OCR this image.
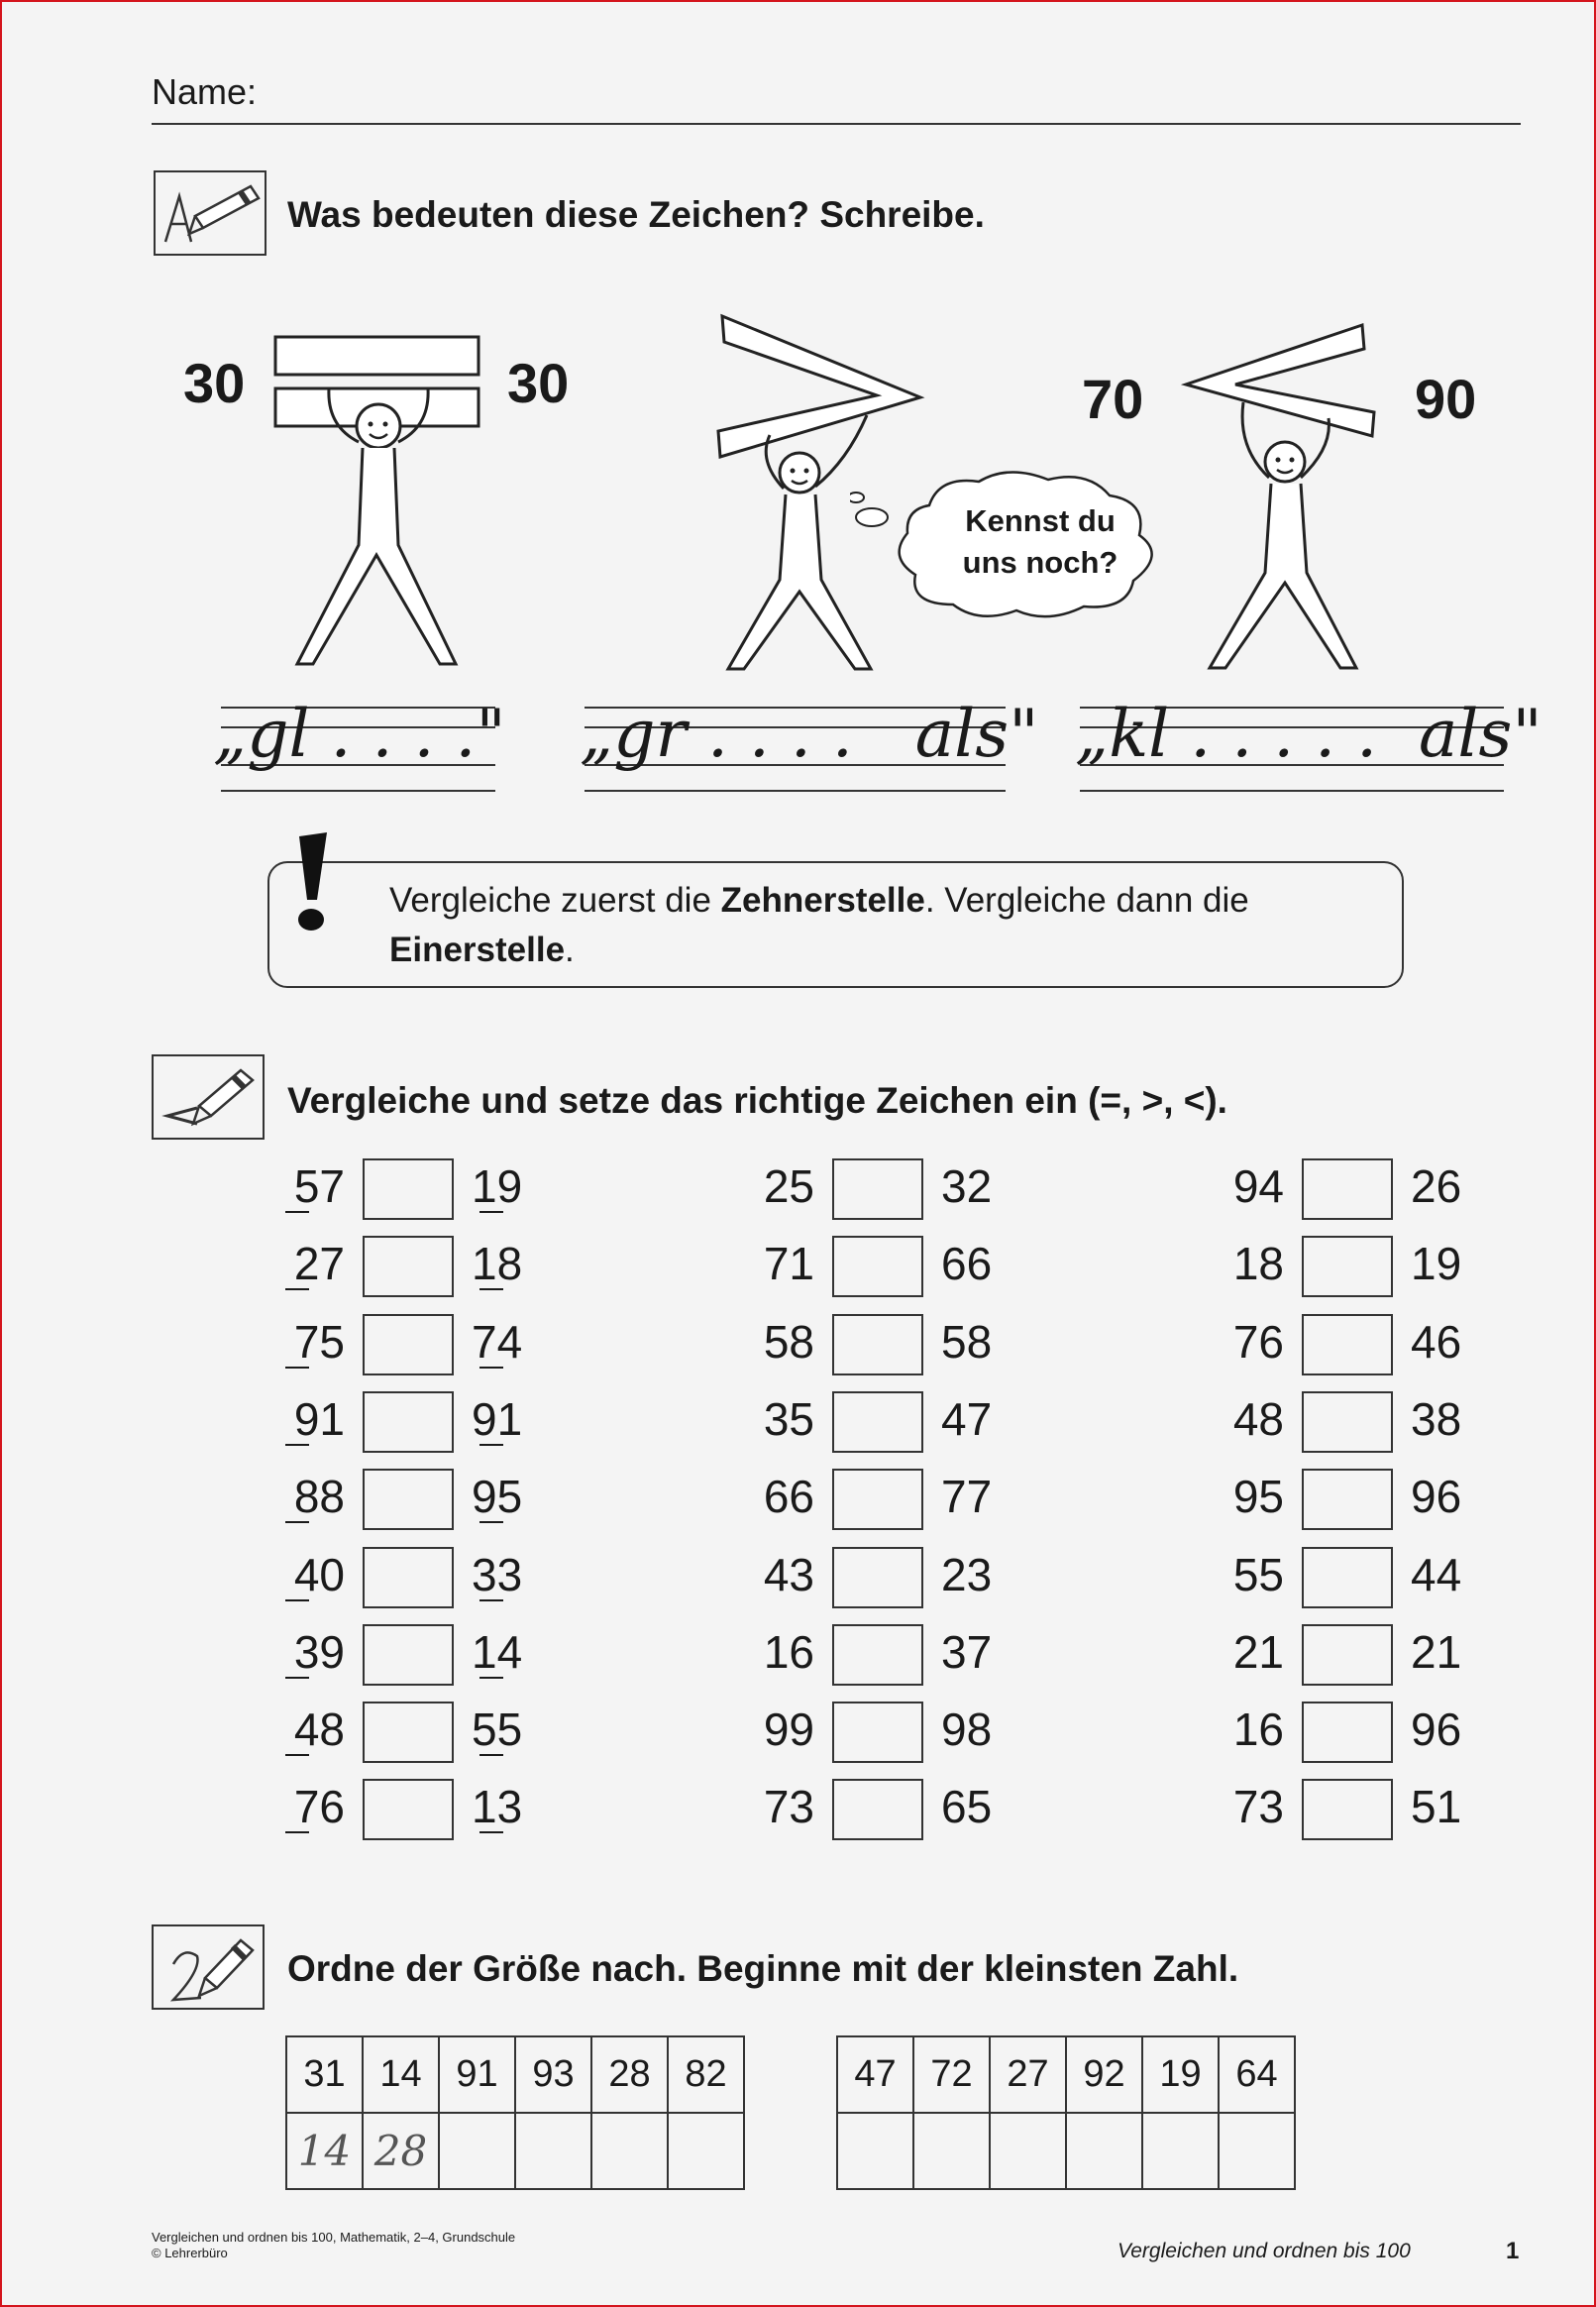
Name:
Was bedeuten diese Zeichen? Schreibe.
30	30
Kennst du
uns noch?
70	90
„gl . . . ." „gr . . . .   als" „kl . . . . .  als"
Vergleiche zuerst die Zehnerstelle. Vergleiche dann die Einerstelle.
Vergleiche und setze das richtige Zeichen ein (=, >, <).
57	19
27	18
75	74
91	91
88	95
40	33
39	14
48	55
76	13
25	32
71	66
58	58
35	47
66	77
43	23
16	37
99	98
73	65
94	26
18	19
76	46
48	38
95	96
55	44
21	21
16	96
73	51
Ordne der Größe nach. Beginne mit der kleinsten Zahl.
31	14	91	93	28	82
14	28				
47	72	27	92	19	64

Vergleichen und ordnen bis 100, Mathematik, 2–4, Grundschule
© Lehrerbüro	Vergleichen und ordnen bis 100	1
